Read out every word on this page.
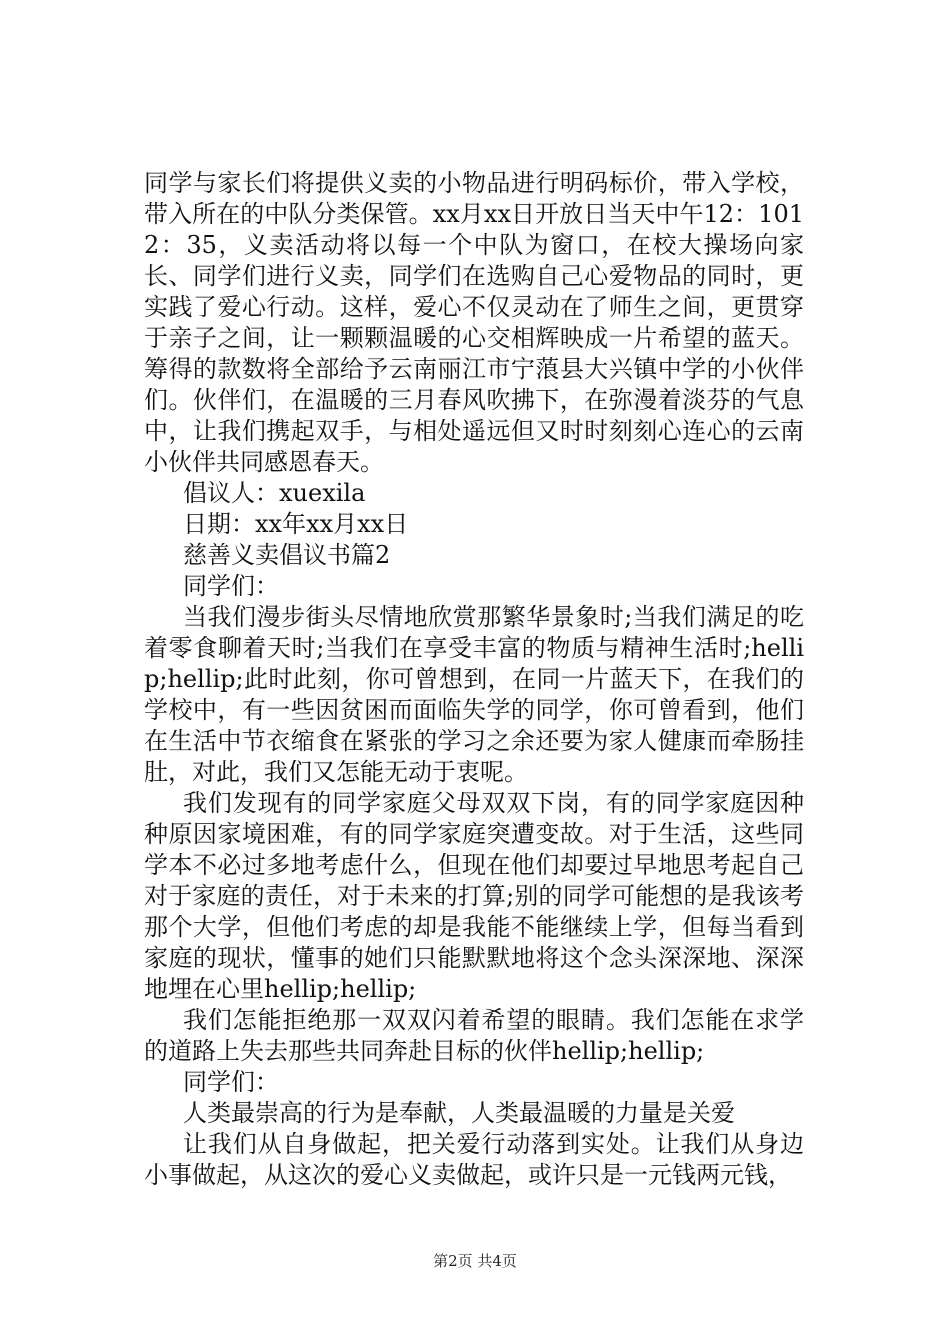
同学与家长们将提供义卖的小物品进行明码标价，带入学校，带入所在的中队分类保管。xx月xx日开放日当天中午12：1012：35，义卖活动将以每一个中队为窗口，在校大操场向家长、同学们进行义卖，同学们在选购自己心爱物品的同时，更实践了爱心行动。这样，爱心不仅灵动在了师生之间，更贯穿于亲子之间，让一颗颗温暖的心交相辉映成一片希望的蓝天。筹得的款数将全部给予云南丽江市宁蒗县大兴镇中学的小伙伴们。伙伴们，在温暖的三月春风吹拂下，在弥漫着淡芬的气息中，让我们携起双手，与相处遥远但又时时刻刻心连心的云南小伙伴共同感恩春天。

倡议人：xuexila

日期：xx年xx月xx日

慈善义卖倡议书篇2

同学们：

当我们漫步街头尽情地欣赏那繁华景象时;当我们满足的吃着零食聊着天时;当我们在享受丰富的物质与精神生活时;hellip;hellip;此时此刻，你可曾想到，在同一片蓝天下，在我们的学校中，有一些因贫困而面临失学的同学，你可曾看到，他们在生活中节衣缩食在紧张的学习之余还要为家人健康而牵肠挂肚，对此，我们又怎能无动于衷呢。

我们发现有的同学家庭父母双双下岗，有的同学家庭因种种原因家境困难，有的同学家庭突遭变故。对于生活，这些同学本不必过多地考虑什么，但现在他们却要过早地思考起自己对于家庭的责任，对于未来的打算;别的同学可能想的是我该考那个大学，但他们考虑的却是我能不能继续上学，但每当看到家庭的现状，懂事的她们只能默默地将这个念头深深地、深深地埋在心里hellip;hellip;

我们怎能拒绝那一双双闪着希望的眼睛。我们怎能在求学的道路上失去那些共同奔赴目标的伙伴hellip;hellip;

同学们：

人类最崇高的行为是奉献，人类最温暖的力量是关爱

让我们从自身做起，把关爱行动落到实处。让我们从身边小事做起，从这次的爱心义卖做起，或许只是一元钱两元钱，

第2页 共4页
